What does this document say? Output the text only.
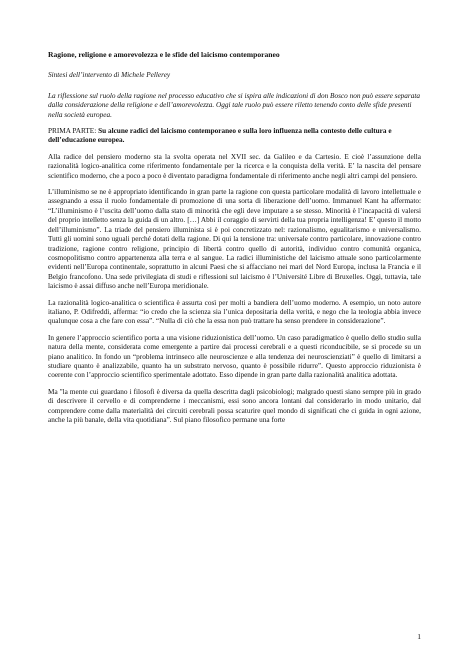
Ragione, religione e amorevolezza e le sfide del laicismo contemporaneo
Sintesi dell’intervento di Michele Pellerey
La riflessione sul ruolo della ragione nel processo educativo che si ispira alle indicazioni di don Bosco non può essere separata dalla considerazione della religione e dell’amorevolezza. Oggi tale ruolo può essere riletto tenendo conto delle sfide presenti nella società europea.
PRIMA PARTE: Su alcune radici del laicismo contemporaneo e sulla loro influenza nella contesto delle cultura e dell’educazione europea.

Alla radice del pensiero moderno sta la svolta operata nel XVII sec. da Galileo e da Cartesio. E cioè l’assunzione della razionalità logico-analitica come riferimento fondamentale per la ricerca e la conquista della verità. E’ la nascita del pensare scientifico moderno, che a poco a poco è diventato paradigma fondamentale di riferimento anche negli altri campi del pensiero.

L’illuminismo se ne è appropriato identificando in gran parte la ragione con questa particolare modalità di lavoro intellettuale e assegnando a essa il ruolo fondamentale di promozione di una sorta di liberazione dell’uomo. Immanuel Kant ha affermato: “L’illuminismo è l’uscita dell’uomo dalla stato di minorità che egli deve imputare a se stesso. Minorità è l’incapacità di valersi del proprio intelletto senza la guida di un altro. […] Abbi il coraggio di servirti della tua propria intelligenza! E’ questo il motto dell’illuminismo”. La triade del pensiero illuminista si è poi concretizzato nel: razionalismo, egualitarismo e universalismo. Tutti gli uomini sono uguali perché dotati della ragione. Di qui la tensione tra: universale contro particolare, innovazione contro tradizione, ragione contro religione, principio di libertà contro quello di autorità, individuo contro comunità organica, cosmopolitismo contro appartenenza alla terra e al sangue. La radici illuministiche del laicismo attuale sono particolarmente evidenti nell’Europa continentale, soprattutto in alcuni Paesi che si affacciano nei mari del Nord Europa, inclusa la Francia e il Belgio francofono. Una sede privilegiata di studi e riflessioni sul laicismo è l’Université Libre di Bruxelles. Oggi, tuttavia, tale laicismo è assai diffuso anche nell’Europa meridionale.

La razionalità logico-analitica o scientifica è assurta così per molti a bandiera dell’uomo moderno. A esempio, un noto autore italiano, P. Odifreddi, afferma: “io credo che la scienza sia l’unica depositaria della verità, e nego che la teologia abbia invece qualunque cosa a che fare con essa”. “Nulla di ciò che la essa non può trattare ha senso prendere in considerazione”.

In genere l’approccio scientifico porta a una visione riduzionistica dell’uomo. Un caso paradigmatico è quello dello studio sulla natura della mente, considerata come emergente a partire dai processi cerebrali e a questi riconducibile, se si procede su un piano analitico. In fondo un “problema intrinseco alle neuroscienze e alla tendenza dei neuroscienziati” è quello di limitarsi a studiare quanto è analizzabile, quanto ha un substrato nervoso, quanto è possibile ridurre”. Questo approccio riduzionista è coerente con l’approccio scientifico sperimentale adottato. Esso dipende in gran parte dalla razionalità analitica adottata.

Ma "la mente cui guardano i filosofi è diversa da quella descritta dagli psicobiologi; malgrado questi siano sempre più in grado di descrivere il cervello e di comprenderne i meccanismi, essi sono ancora lontani dal considerarlo in modo unitario, dal comprendere come dalla materialità dei circuiti cerebrali possa scaturire quel mondo di significati che ci guida in ogni azione, anche la più banale, della vita quotidiana”. Sul piano filosofico permane una forte

1
